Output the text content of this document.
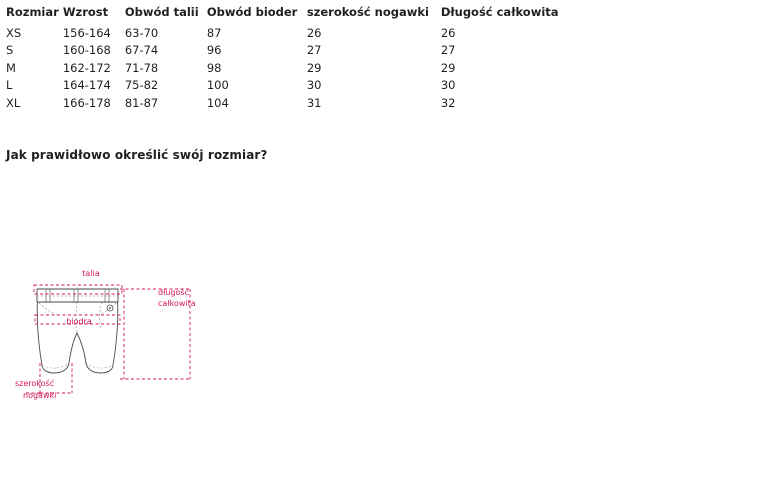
Rozmiar	Wzrost	Obwód talii	Obwód bioder	szerokość nogawki	Długość całkowita
XS	156-164	63-70	87	26	26
S	160-168	67-74	96	27	27
M	162-172	71-78	98	29	29
L	164-174	75-82	100	30	30
XL	166-178	81-87	104	31	32
Jak prawidłowo określić swój rozmiar?
talia
biodra
długość
całkowita
szerokość
nogawki
